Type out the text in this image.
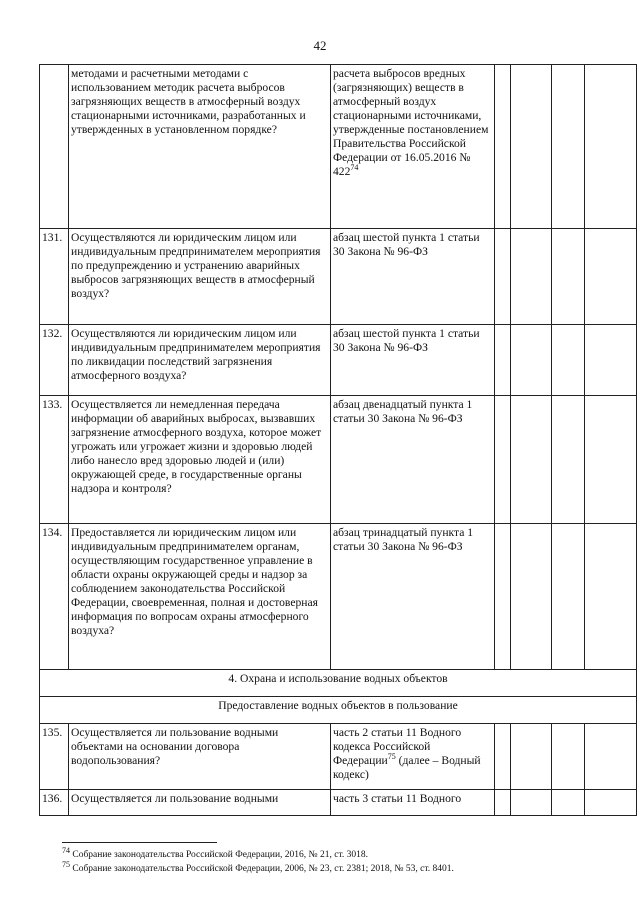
42
	методами и расчетными методами с использованием методик расчета выбросов загрязняющих веществ в атмосферный воздух стационарными источниками, разработанных и утвержденных в установленном порядке?	расчета выбросов вредных (загрязняющих) веществ в атмосферный воздух стационарными источниками, утвержденные постановлением Правительства Российской Федерации от 16.05.2016 № $422^{74}$				
131.	Осуществляются ли юридическим лицом или индивидуальным предпринимателем мероприятия по предупреждению и устранению аварийных выбросов загрязняющих веществ в атмосферный воздух?	абзац шестой пункта 1 статьи 30 Закона № 96-ФЗ				
132.	Осуществляются ли юридическим лицом или индивидуальным предпринимателем мероприятия по ликвидации последствий загрязнения атмосферного воздуха?	абзац шестой пункта 1 статьи 30 Закона № 96-ФЗ				
133.	Осуществляется ли немедленная передача информации об аварийных выбросах, вызвавших загрязнение атмосферного воздуха, которое может угрожать или угрожает жизни и здоровью людей либо нанесло вред здоровью людей и (или) окружающей среде, в государственные органы надзора и контроля?	абзац двенадцатый пункта 1 статьи 30 Закона № 96-ФЗ				
134.	Предоставляется ли юридическим лицом или индивидуальным предпринимателем органам, осуществляющим государственное управление в области охраны окружающей среды и надзор за соблюдением законодательства Российской Федерации, своевременная, полная и достоверная информация по вопросам охраны атмосферного воздуха?	абзац тринадцатый пункта 1 статьи 30 Закона № 96-ФЗ				
4. Охрана и использование водных объектов						
Предоставление водных объектов в пользование						
135.	Осуществляется ли пользование водными объектами на основании договора водопользования?	часть 2 статьи 11 Водного кодекса Российской Федерации$^{75}$ (далее – Водный кодекс)				
136.	Осуществляется ли пользование водными	часть 3 статьи 11 Водного				
$^{74}$ Собрание законодательства Российской Федерации, 2016, № 21, ст. 3018.
$^{75}$ Собрание законодательства Российской Федерации, 2006, № 23, ст. 2381; 2018, № 53, ст. 8401.
